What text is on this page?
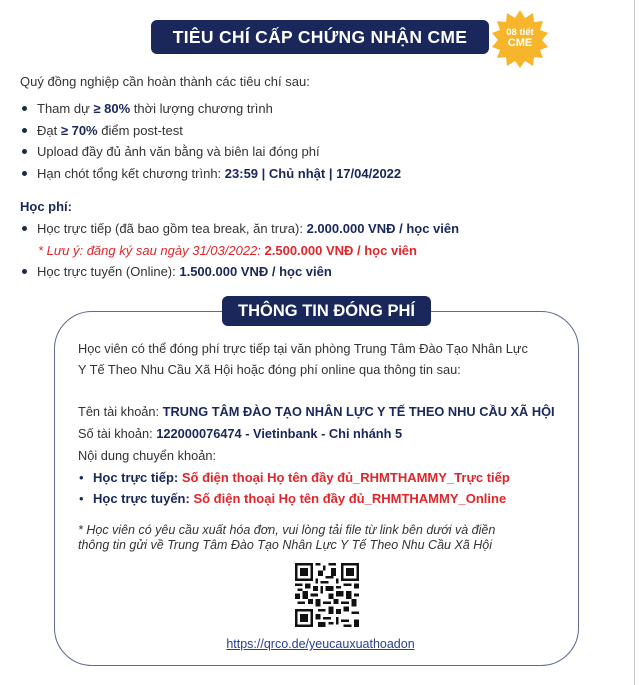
TIÊU CHÍ CẤP CHỨNG NHẬN CME	08 tiết
CME
Quý đồng nghiệp cần hoàn thành các tiêu chí sau:
Tham dự ≥ 80% thời lượng chương trình
Đạt ≥ 70% điểm post-test
Upload đầy đủ ảnh văn bằng và biên lai đóng phí
Hạn chót tổng kết chương trình: 23:59 | Chủ nhật | 17/04/2022
Học phí:
Học trực tiếp (đã bao gồm tea break, ăn trưa): 2.000.000 VNĐ / học viên
* Lưu ý: đăng ký sau ngày 31/03/2022: 2.500.000 VNĐ / học viên
Học trực tuyến (Online): 1.500.000 VNĐ / học viên
THÔNG TIN ĐÓNG PHÍ
Học viên có thể đóng phí trực tiếp tại văn phòng Trung Tâm Đào Tạo Nhân Lực
Y Tế Theo Nhu Cầu Xã Hội hoặc đóng phí online qua thông tin sau:
Tên tài khoản: TRUNG TÂM ĐÀO TẠO NHÂN LỰC Y TẾ THEO NHU CẦU XÃ HỘI
Số tài khoản: 122000076474 - Vietinbank - Chi nhánh 5
Nội dung chuyển khoản:
• Học trực tiếp: Số điện thoại Họ tên đầy đủ_RHMTHAMMY_Trực tiếp
• Học trực tuyến: Số điện thoại Họ tên đầy đủ_RHMTHAMMY_Online
* Học viên có yêu cầu xuất hóa đơn, vui lòng tải file từ link bên dưới và điền
thông tin gửi về Trung Tâm Đào Tạo Nhân Lực Y Tế Theo Nhu Cầu Xã Hội
https://qrco.de/yeucauxuathoadon
